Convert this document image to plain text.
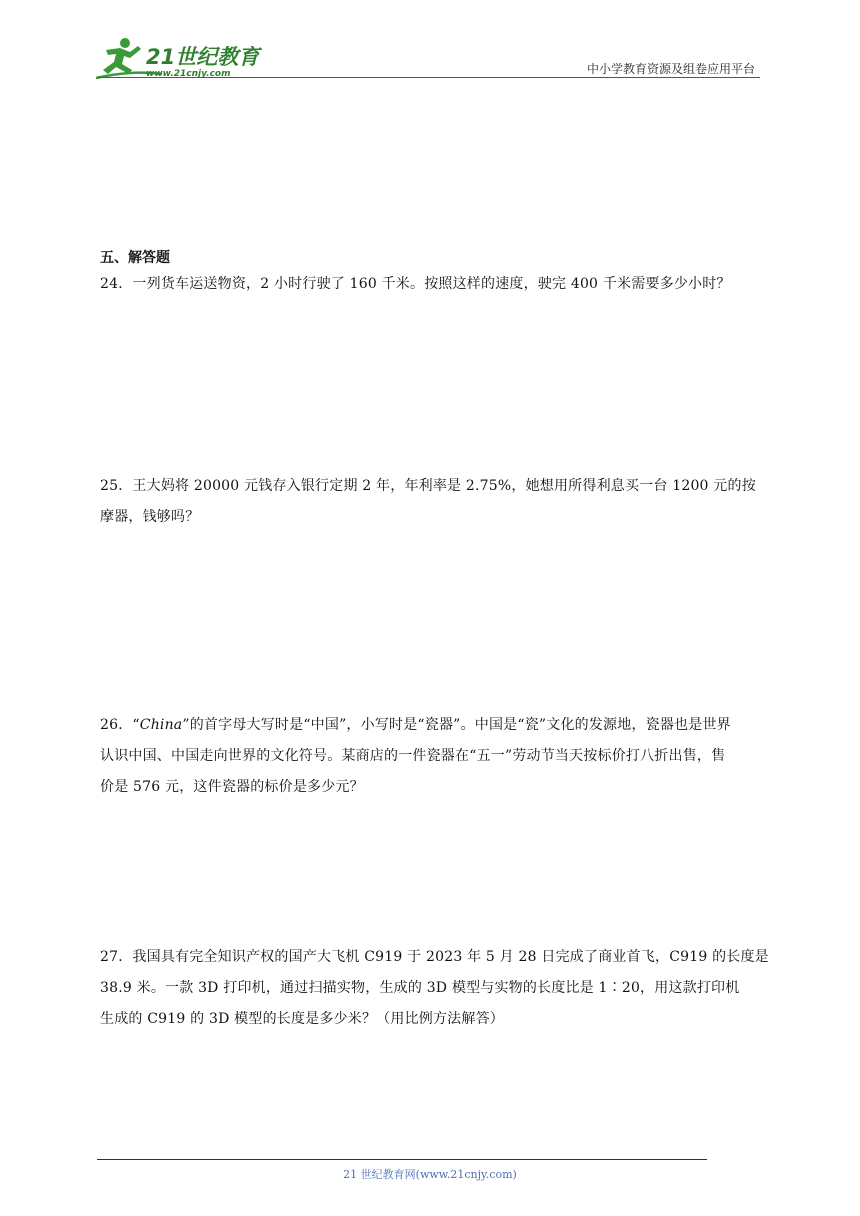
21世纪教育
www.21cnjy.com	中小学教育资源及组卷应用平台
五、解答题

24．一列货车运送物资，2 小时行驶了 160 千米。按照这样的速度，驶完 400 千米需要多少小时？

25．王大妈将 20000 元钱存入银行定期 2 年，年利率是 2.75%，她想用所得利息买一台 1200 元的按

摩器，钱够吗？

26．“China”的首字母大写时是“中国”，小写时是“瓷器”。中国是“瓷”文化的发源地，瓷器也是世界

认识中国、中国走向世界的文化符号。某商店的一件瓷器在“五一”劳动节当天按标价打八折出售，售

价是 576 元，这件瓷器的标价是多少元？

27．我国具有完全知识产权的国产大飞机 C919 于 2023 年 5 月 28 日完成了商业首飞，C919 的长度是

38.9 米。一款 3D 打印机，通过扫描实物，生成的 3D 模型与实物的长度比是 1∶20，用这款打印机

生成的 C919 的 3D 模型的长度是多少米？（用比例方法解答）

21 世纪教育网(www.21cnjy.com)
